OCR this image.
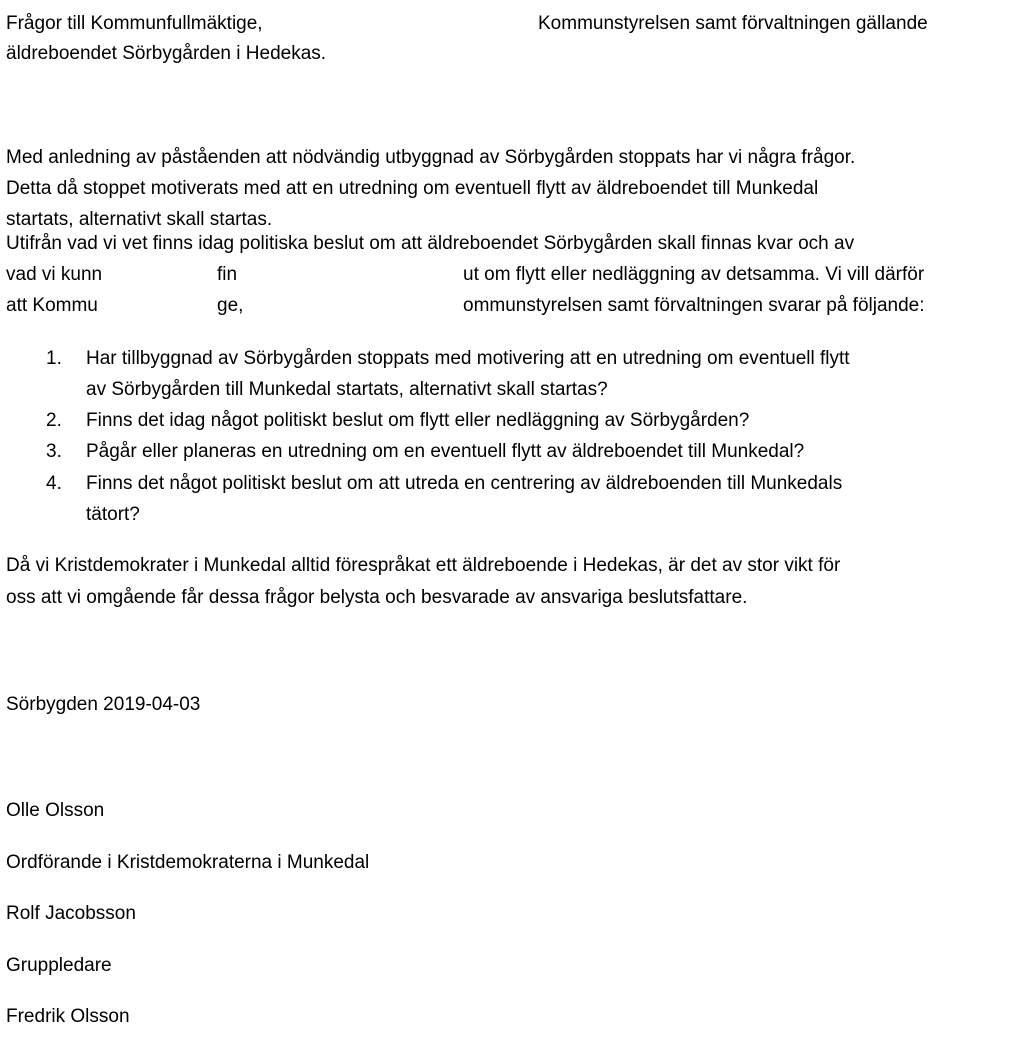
Frågor till Kommunfullmäktige,	Kommunstyrelsen samt förvaltningen gällande
äldreboendet Sörbygården i Hedekas.
Med anledning av påståenden att nödvändig utbyggnad av Sörbygården stoppats har vi några frågor.
Detta då stoppet motiverats med att en utredning om eventuell flytt av äldreboendet till Munkedal
startats, alternativt skall startas.
Utifrån vad vi vet finns idag politiska beslut om att äldreboendet Sörbygården skall finnas kvar och av
vad vi kunn	fin	ut om flytt eller nedläggning av detsamma. Vi vill därför
att Kommu	ge,	ommunstyrelsen samt förvaltningen svarar på följande:
1. Har tillbyggnad av Sörbygården stoppats med motivering att en utredning om eventuell flytt
av Sörbygården till Munkedal startats, alternativt skall startas?
2. Finns det idag något politiskt beslut om flytt eller nedläggning av Sörbygården?
3. Pågår eller planeras en utredning om en eventuell flytt av äldreboendet till Munkedal?
4. Finns det något politiskt beslut om att utreda en centrering av äldreboenden till Munkedals
tätort?
Då vi Kristdemokrater i Munkedal alltid förespråkat ett äldreboende i Hedekas, är det av stor vikt för
oss att vi omgående får dessa frågor belysta och besvarade av ansvariga beslutsfattare.
Sörbygden 2019-04-03
Olle Olsson
Ordförande i Kristdemokraterna i Munkedal
Rolf Jacobsson
Gruppledare
Fredrik Olsson
